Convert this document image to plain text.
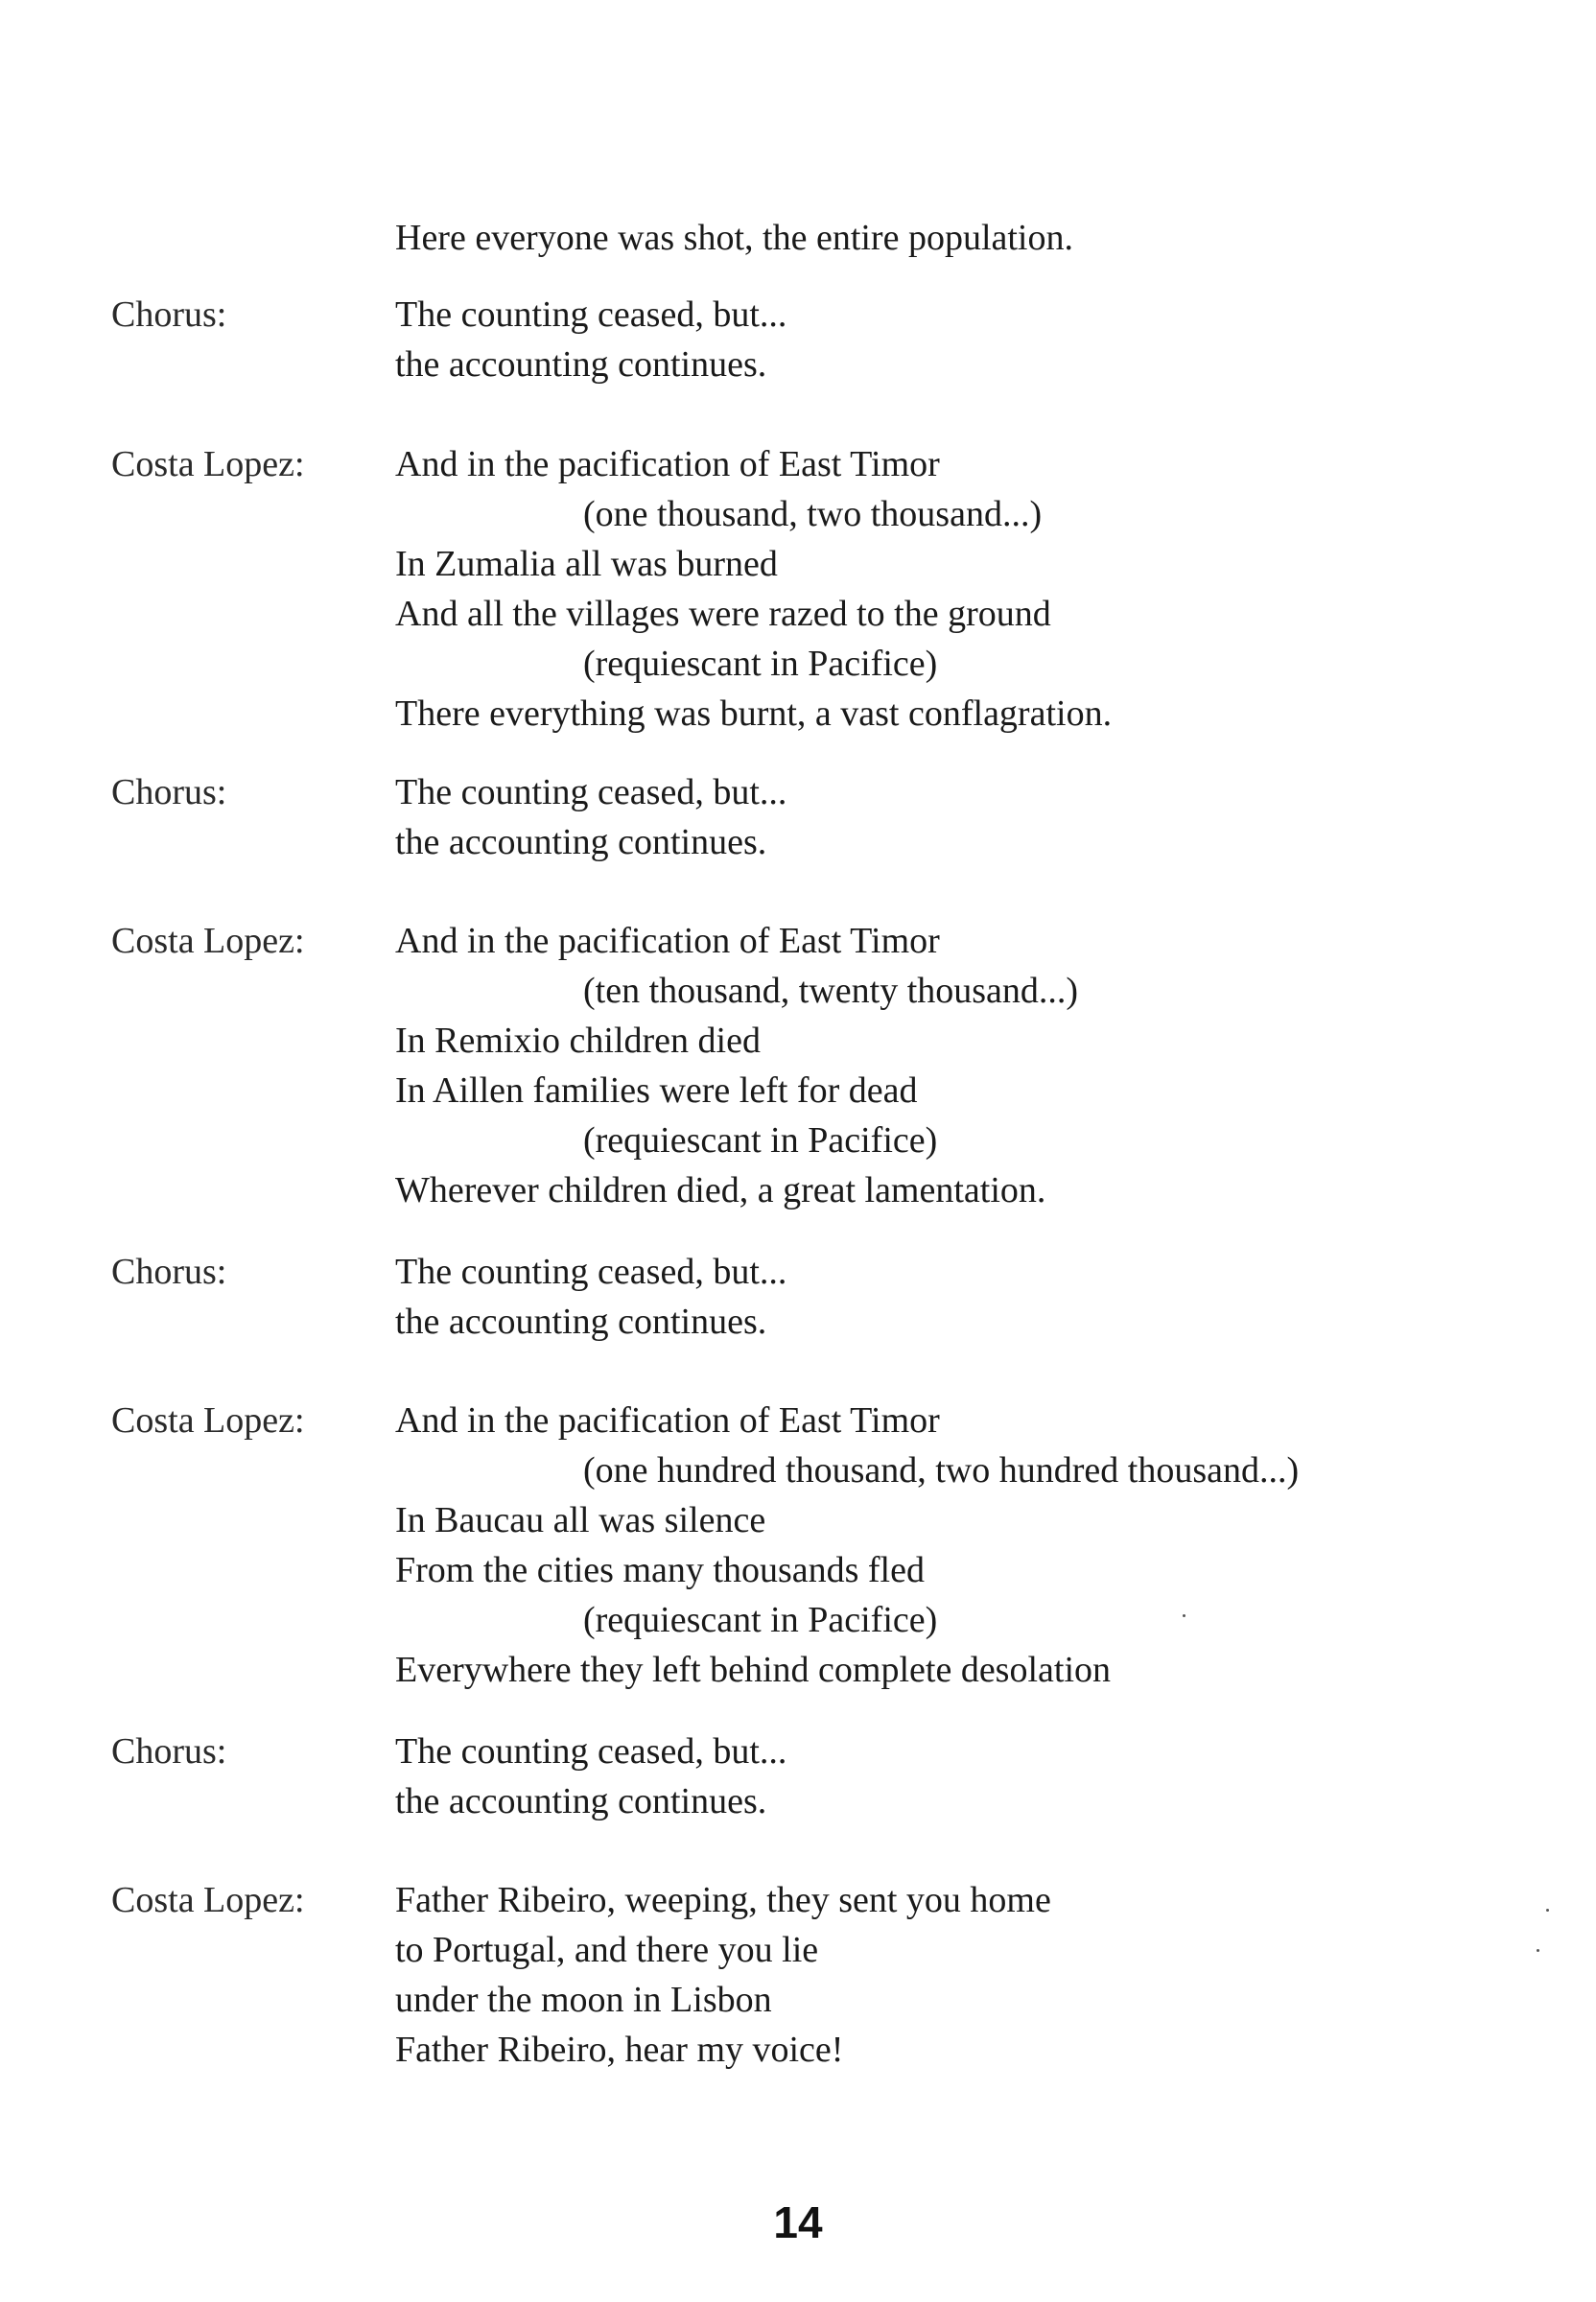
Here everyone was shot, the entire population.
Chorus:	The counting ceased, but...
the accounting continues.
Costa Lopez: And in the pacification of East Timor
(one thousand, two thousand...)
In Zumalia all was burned
And all the villages were razed to the ground
(requiescant in Pacifice)
There everything was burnt, a vast conflagration.
Chorus:	The counting ceased, but...
the accounting continues.
Costa Lopez: And in the pacification of East Timor
(ten thousand, twenty thousand...)
In Remixio children died
In Aillen families were left for dead
(requiescant in Pacifice)
Wherever children died, a great lamentation.
Chorus:	The counting ceased, but...
the accounting continues.
Costa Lopez: And in the pacification of East Timor
(one hundred thousand, two hundred thousand...)
In Baucau all was silence
From the cities many thousands fled
(requiescant in Pacifice)
Everywhere they left behind complete desolation
Chorus:	The counting ceased, but...
the accounting continues.
Costa Lopez: Father Ribeiro, weeping, they sent you home
to Portugal, and there you lie
under the moon in Lisbon
Father Ribeiro, hear my voice!
14
